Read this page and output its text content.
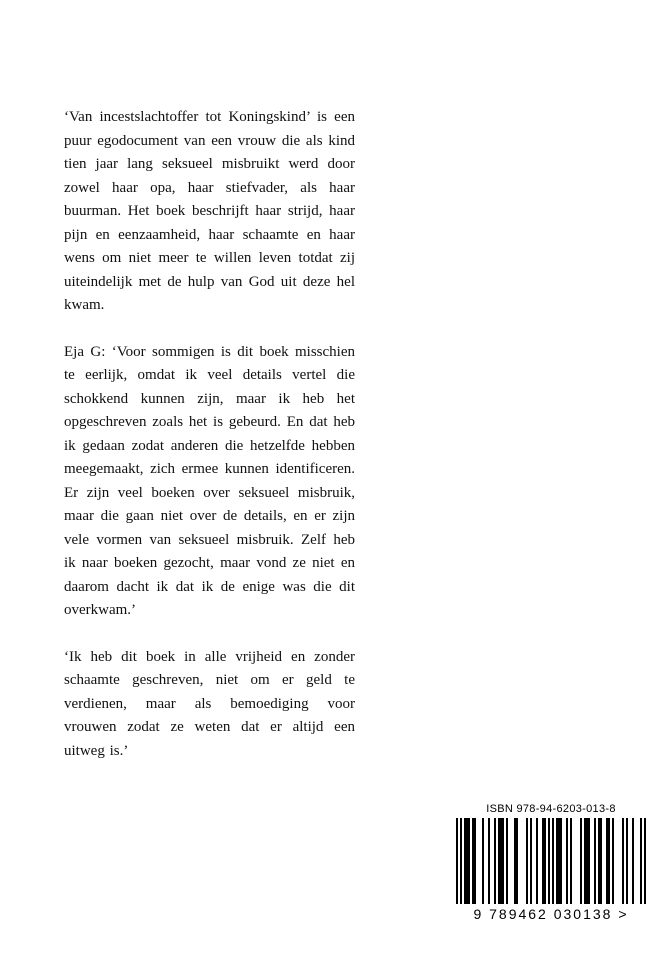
‘Van incestslachtoffer tot Koningskind’ is een puur egodocument van een vrouw die als kind tien jaar lang seksueel misbruikt werd door zowel haar opa, haar stiefvader, als haar buurman. Het boek beschrijft haar strijd, haar pijn en eenzaamheid, haar schaamte en haar wens om niet meer te willen leven totdat zij uiteindelijk met de hulp van God uit deze hel kwam.

Eja G: ‘Voor sommigen is dit boek misschien te eerlijk, omdat ik veel details vertel die schokkend kunnen zijn, maar ik heb het opgeschreven zoals het is gebeurd. En dat heb ik gedaan zodat anderen die hetzelfde hebben meegemaakt, zich ermee kunnen identificeren. Er zijn veel boeken over seksueel misbruik, maar die gaan niet over de details, en er zijn vele vormen van seksueel misbruik. Zelf heb ik naar boeken gezocht, maar vond ze niet en daarom dacht ik dat ik de enige was die dit overkwam.’

‘Ik heb dit boek in alle vrijheid en zonder schaamte geschreven, niet om er geld te verdienen, maar als bemoediging voor vrouwen zodat ze weten dat er altijd een uitweg is.’

ISBN 978-94-6203-013-8
9 789462 030138 >
